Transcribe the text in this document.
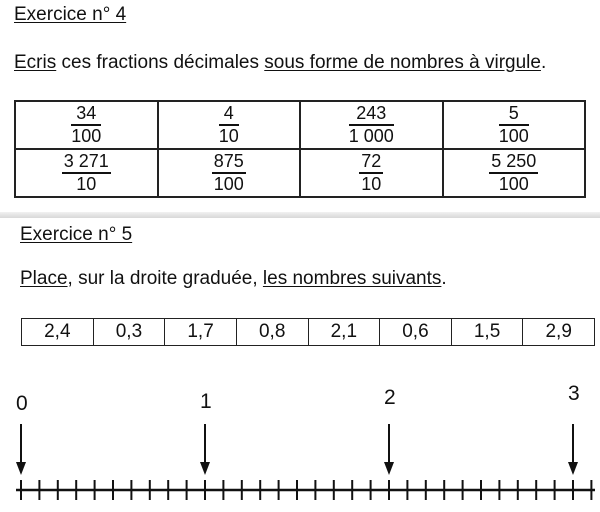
Exercice n° 4
Ecris ces fractions décimales sous forme de nombres à virgule.
$\frac{34}{100}$	$\frac{4}{10}$	$\frac{243}{1 000}$	$\frac{5}{100}$

$\frac{3 271}{10}$	$\frac{875}{100}$	$\frac{72}{10}$	$\frac{5 250}{100}$
Exercice n° 5
Place, sur la droite graduée, les nombres suivants.
2,4	0,3	1,7	0,8	2,1	0,6	1,5	2,9
0	1	2	3
